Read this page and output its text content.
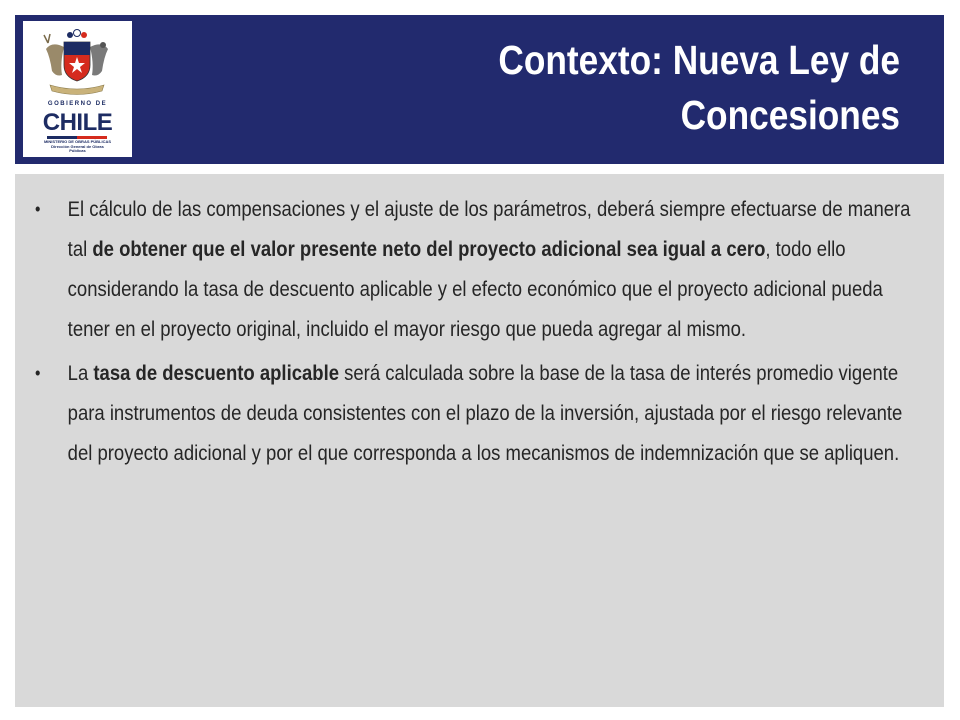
GOBIERNO DE
CHILE
MINISTERIO DE OBRAS PÚBLICAS
Dirección General de Obras
Públicas
Contexto: Nueva Ley de
Concesiones
• El cálculo de las compensaciones y el ajuste de los parámetros, deberá siempre efectuarse de manera tal de obtener que el valor presente neto del proyecto adicional sea igual a cero, todo ello considerando la tasa de descuento aplicable y el efecto económico que el proyecto adicional pueda tener en el proyecto original, incluido el mayor riesgo que pueda agregar al mismo.
• La tasa de descuento aplicable será calculada sobre la base de la tasa de interés promedio vigente para instrumentos de deuda consistentes con el plazo de la inversión, ajustada por el riesgo relevante del proyecto adicional y por el que corresponda a los mecanismos de indemnización que se apliquen.
